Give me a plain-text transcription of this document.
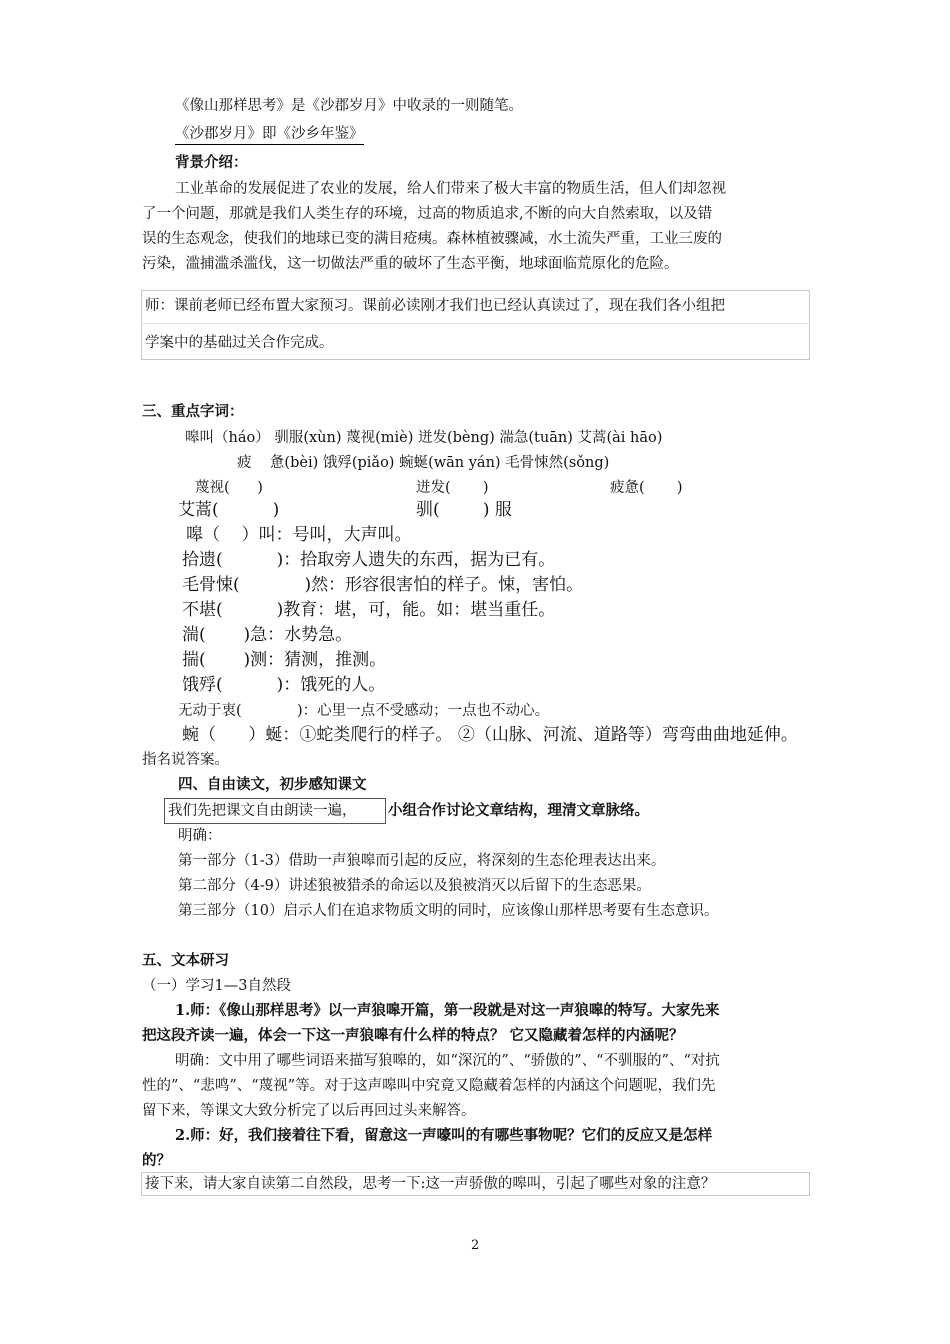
《像山那样思考》是《沙郡岁月》中收录的一则随笔。
《沙郡岁月》即《沙乡年鉴》
背景介绍：
工业革命的发展促进了农业的发展，给人们带来了极大丰富的物质生活，但人们却忽视
了一个问题，那就是我们人类生存的环境，过高的物质追求,不断的向大自然索取，以及错
误的生态观念，使我们的地球已变的满目疮痍。森林植被骤减，水土流失严重，工业三废的
污染，滥捕滥杀滥伐，这一切做法严重的破坏了生态平衡，地球面临荒原化的危险。
师：课前老师已经布置大家预习。课前必读刚才我们也已经认真读过了，现在我们各小组把
学案中的基础过关合作完成。
三、重点字词：
嗥叫（háo） 驯服(xùn) 蔑视(miè) 迸发(bèng) 湍急(tuān) 艾蒿(ài hāo)
疲    惫(bèi) 饿殍(piǎo) 蜿蜒(wān yán) 毛骨悚然(sǒng)
蔑视(      )	迸发(       )	疲惫(       )
艾蒿(          )	驯(        ) 服
嗥（    ）叫：号叫，大声叫。
拾遗(          )：拾取旁人遗失的东西，据为已有。
毛骨悚(            )然：形容很害怕的样子。悚，害怕。
不堪(          )教育：堪，可，能。如：堪当重任。
湍(       )急：水势急。
揣(       )测：猜测，推测。
饿殍(          )：饿死的人。
无动于衷(            )：心里一点不受感动；一点也不动心。
蜿（      ）蜒：①蛇类爬行的样子。 ②（山脉、河流、道路等）弯弯曲曲地延伸。
指名说答案。
四、自由读文，初步感知课文
我们先把课文自由朗读一遍， 小组合作讨论文章结构，理清文章脉络。
明确：
第一部分（1-3）借助一声狼嗥而引起的反应，将深刻的生态伦理表达出来。
第二部分（4-9）讲述狼被猎杀的命运以及狼被消灭以后留下的生态恶果。
第三部分（10）启示人们在追求物质文明的同时，应该像山那样思考要有生态意识。
五、文本研习
（一）学习1—3自然段
1.师：《像山那样思考》以一声狼嗥开篇，第一段就是对这一声狼嗥的特写。大家先来
把这段齐读一遍，体会一下这一声狼嗥有什么样的特点？ 它又隐藏着怎样的内涵呢？
明确：文中用了哪些词语来描写狼嗥的，如“深沉的”、“骄傲的”、“不驯服的”、“对抗
性的”、“悲鸣”、“蔑视”等。对于这声嗥叫中究竟又隐藏着怎样的内涵这个问题呢，我们先
留下来，等课文大致分析完了以后再回过头来解答。
2.师：好，我们接着往下看，留意这一声嚎叫的有哪些事物呢？它们的反应又是怎样
的？
接下来，请大家自读第二自然段，思考一下:这一声骄傲的嗥叫，引起了哪些对象的注意？
2
